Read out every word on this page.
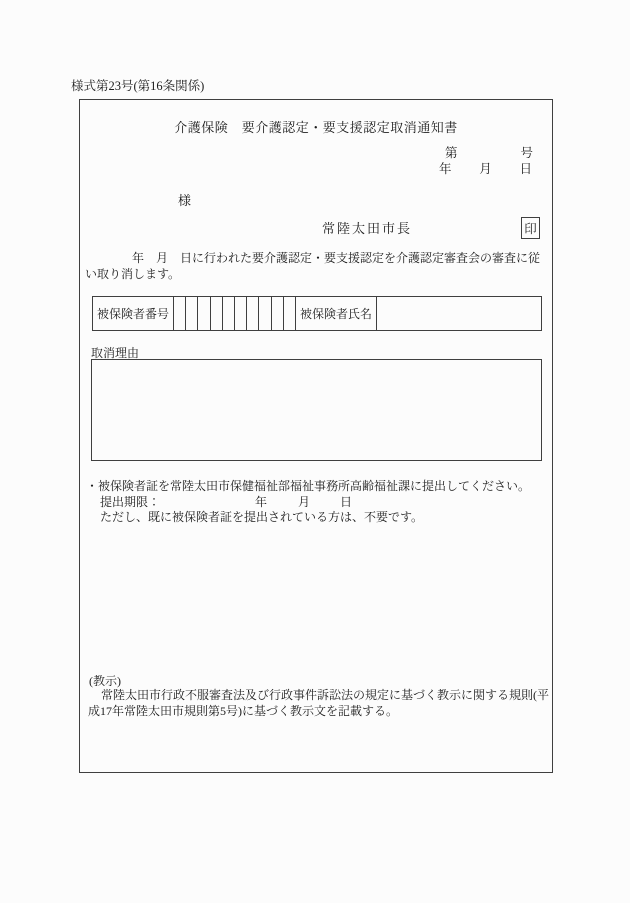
様式第23号(第16条関係)
介護保険　要介護認定・要支援認定取消通知書
第	号
年 月 日
様
常陸太田市長	印
年　月　日に行われた要介護認定・要支援認定を介護認定審査会の審査に従
い取り消します。
被保険者番号	被保険者氏名
取消理由
・被保険者証を常陸太田市保健福祉部福祉事務所高齢福祉課に提出してください。
提出期限：	年	月 日
ただし、既に被保険者証を提出されている方は、不要です。
(教示)
常陸太田市行政不服審査法及び行政事件訴訟法の規定に基づく教示に関する規則(平
成17年常陸太田市規則第5号)に基づく教示文を記載する。
